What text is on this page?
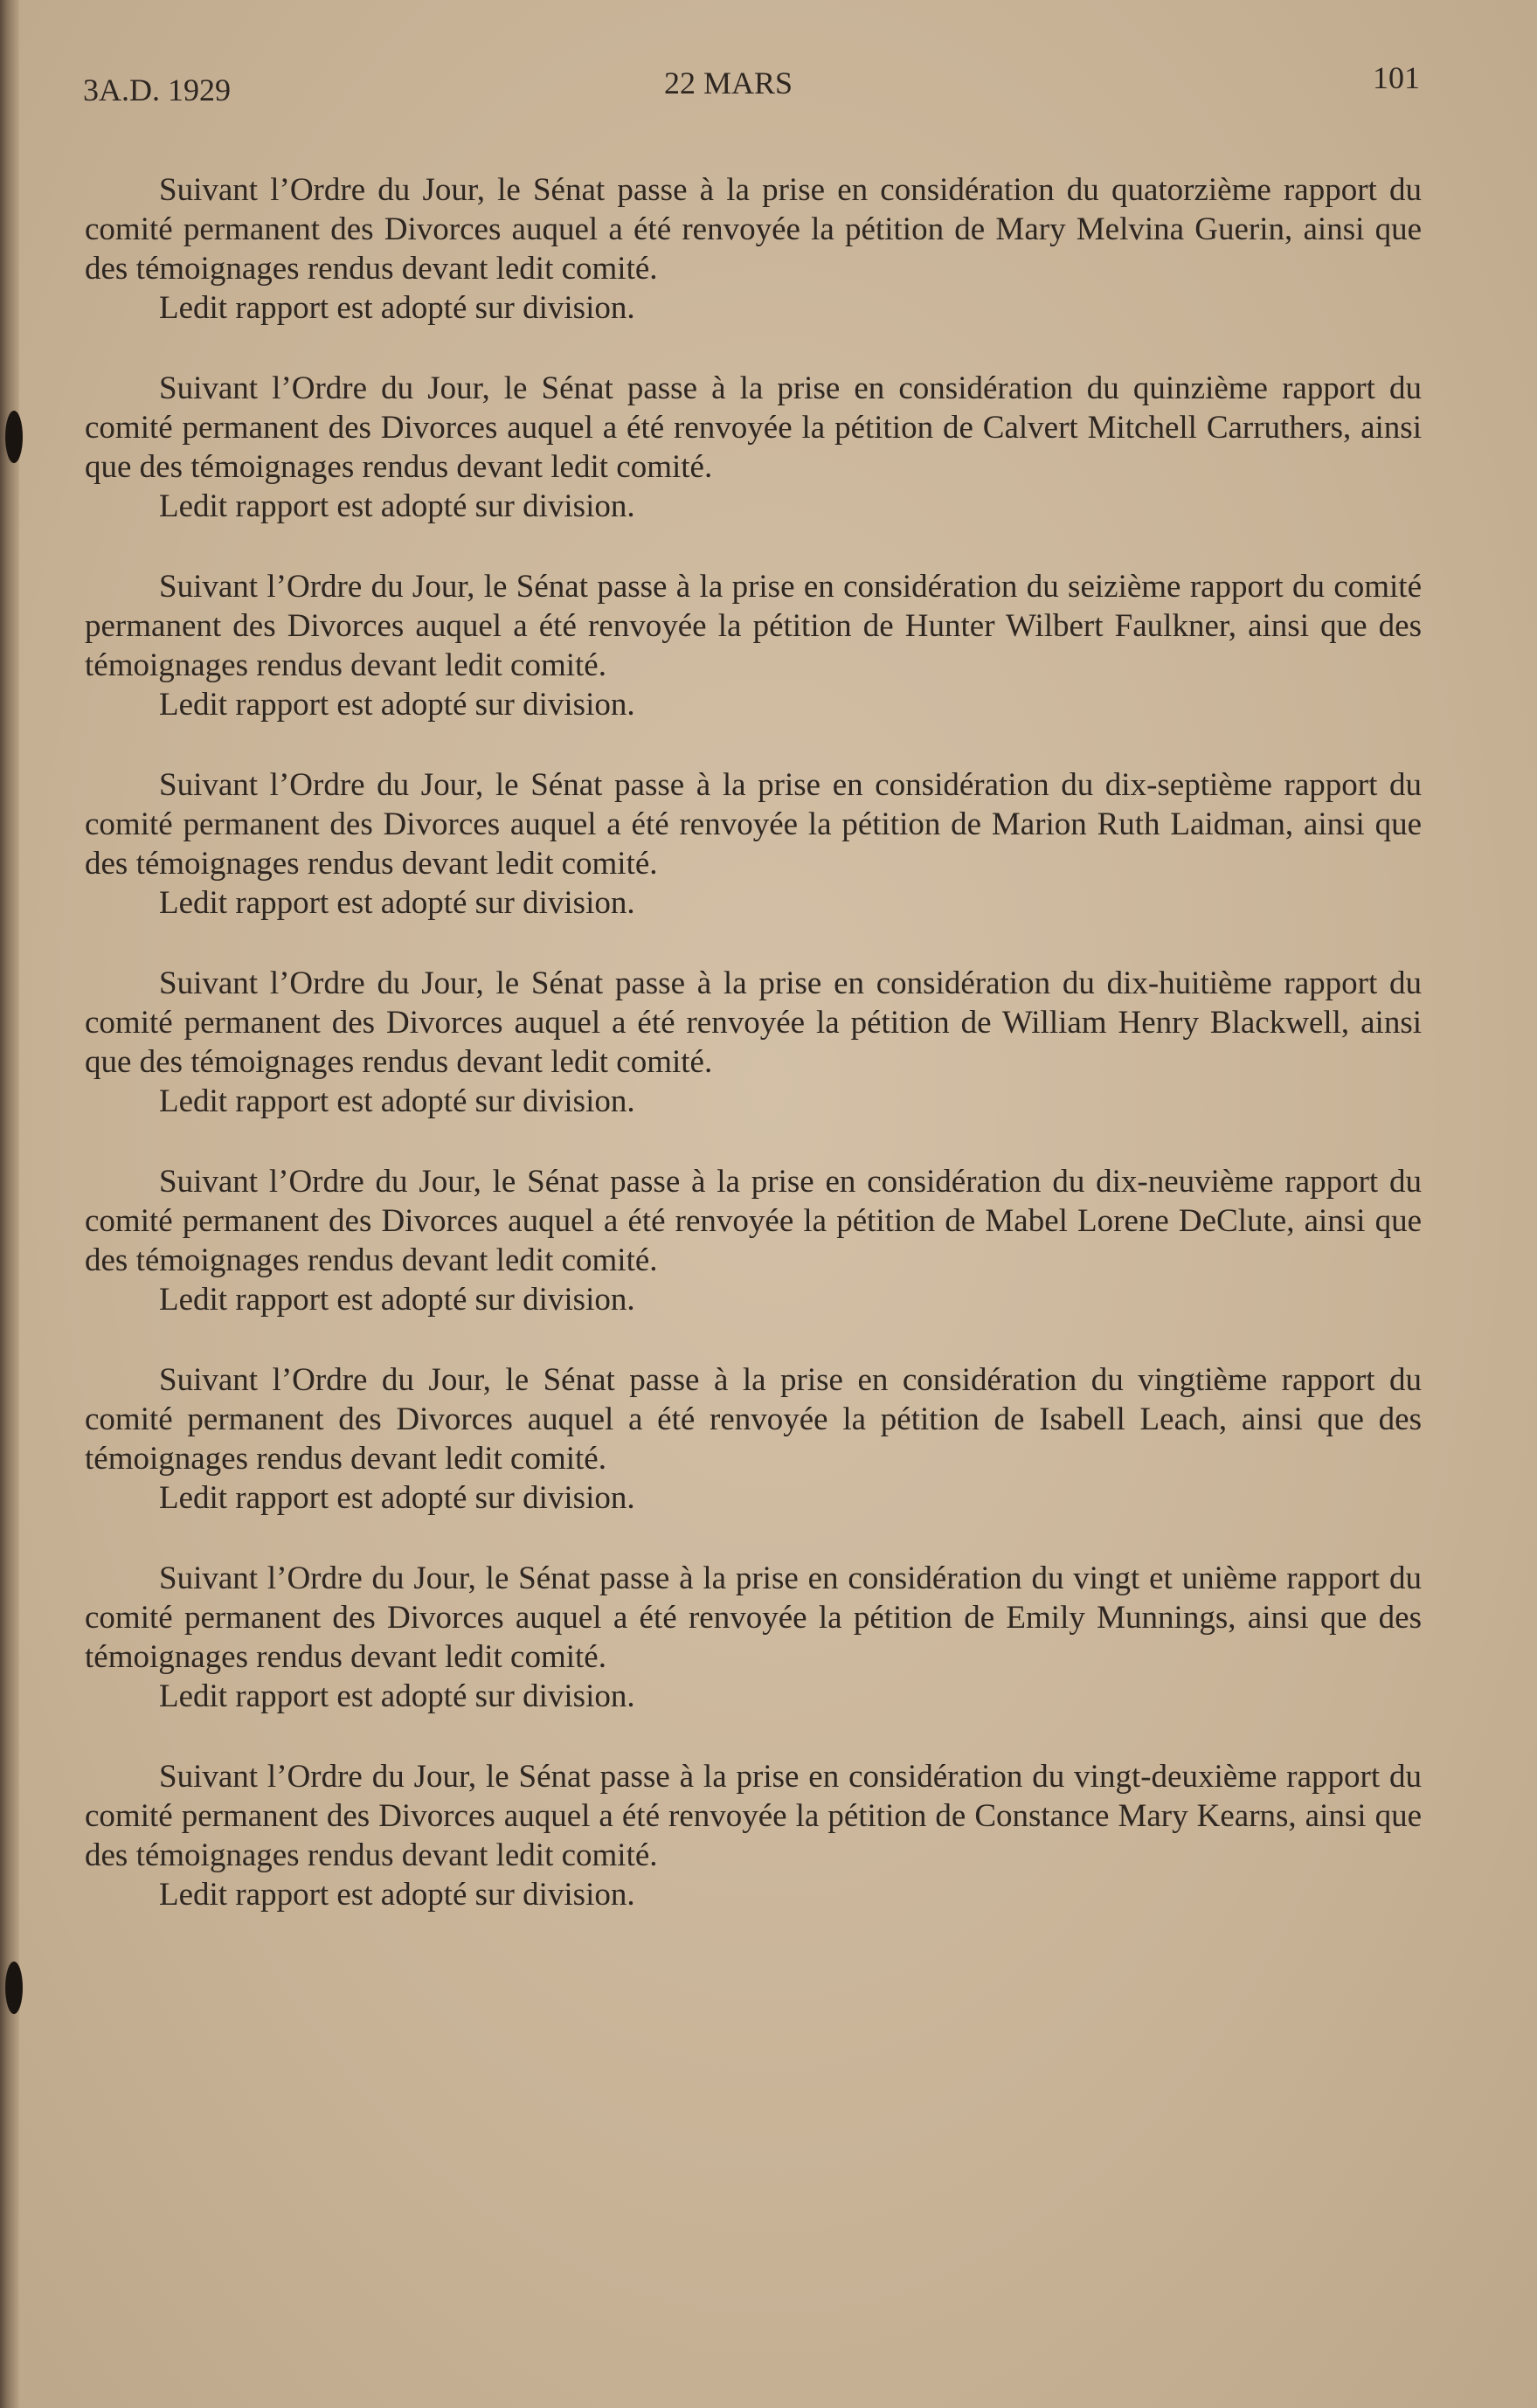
3A.D. 1929	22 MARS	101

Suivant l’Ordre du Jour, le Sénat passe à la prise en considération du quatorzième rapport du comité permanent des Divorces auquel a été renvoyée la pétition de Mary Melvina Guerin, ainsi que des témoignages rendus devant ledit comité.

Ledit rapport est adopté sur division.

Suivant l’Ordre du Jour, le Sénat passe à la prise en considération du quinzième rapport du comité permanent des Divorces auquel a été renvoyée la pétition de Calvert Mitchell Carruthers, ainsi que des témoignages rendus devant ledit comité.

Ledit rapport est adopté sur division.

Suivant l’Ordre du Jour, le Sénat passe à la prise en considération du seizième rapport du comité permanent des Divorces auquel a été renvoyée la pétition de Hunter Wilbert Faulkner, ainsi que des témoignages rendus devant ledit comité.

Ledit rapport est adopté sur division.

Suivant l’Ordre du Jour, le Sénat passe à la prise en considération du dix-septième rapport du comité permanent des Divorces auquel a été renvoyée la pétition de Marion Ruth Laidman, ainsi que des témoignages rendus devant ledit comité.

Ledit rapport est adopté sur division.

Suivant l’Ordre du Jour, le Sénat passe à la prise en considération du dix-huitième rapport du comité permanent des Divorces auquel a été renvoyée la pétition de William Henry Blackwell, ainsi que des témoignages rendus devant ledit comité.

Ledit rapport est adopté sur division.

Suivant l’Ordre du Jour, le Sénat passe à la prise en considération du dix-neuvième rapport du comité permanent des Divorces auquel a été renvoyée la pétition de Mabel Lorene DeClute, ainsi que des témoignages rendus devant ledit comité.

Ledit rapport est adopté sur division.

Suivant l’Ordre du Jour, le Sénat passe à la prise en considération du vingtième rapport du comité permanent des Divorces auquel a été renvoyée la pétition de Isabell Leach, ainsi que des témoignages rendus devant ledit comité.

Ledit rapport est adopté sur division.

Suivant l’Ordre du Jour, le Sénat passe à la prise en considération du vingt et unième rapport du comité permanent des Divorces auquel a été renvoyée la pétition de Emily Munnings, ainsi que des témoignages rendus devant ledit comité.

Ledit rapport est adopté sur division.

Suivant l’Ordre du Jour, le Sénat passe à la prise en considération du vingt-deuxième rapport du comité permanent des Divorces auquel a été renvoyée la pétition de Constance Mary Kearns, ainsi que des témoignages rendus devant ledit comité.

Ledit rapport est adopté sur division.
